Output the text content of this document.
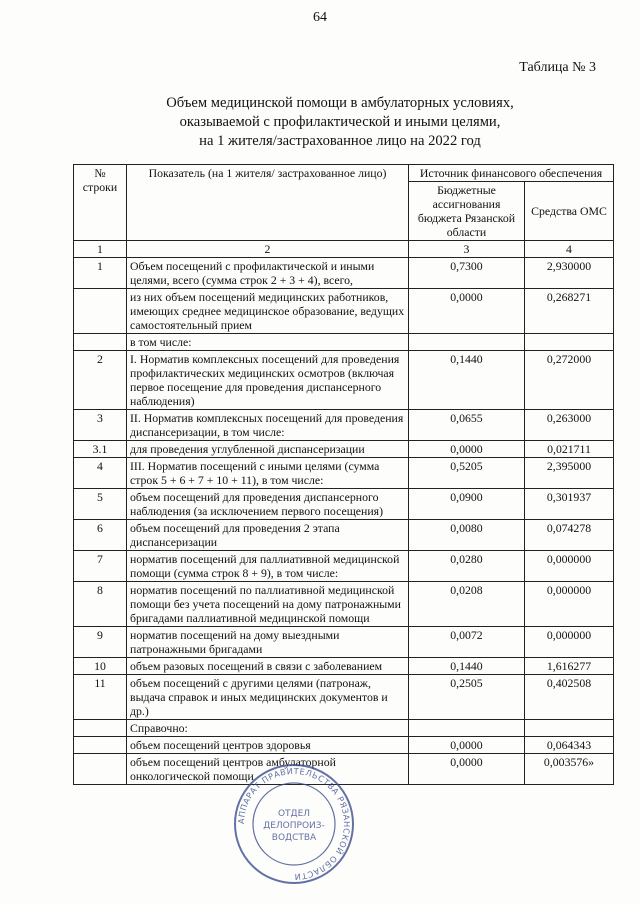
64
Таблица № 3
Объем медицинской помощи в амбулаторных условиях,
оказываемой с профилактической и иными целями,
на 1 жителя/застрахованное лицо на 2022 год
№ строки	Показатель (на 1 жителя/ застрахованное лицо)	Источник финансового обеспечения	
		Бюджетные ассигнования бюджета Рязанской области	Средства ОМС
1	2	3	4
1	Объем посещений с профилактической и иными целями, всего (сумма строк 2 + 3 + 4), всего,	0,7300	2,930000
	из них объем посещений медицинских работников, имеющих среднее медицинское образование, ведущих самостоятельный прием	0,0000	0,268271
	в том числе:		
2	I. Норматив комплексных посещений для проведения профилактических медицинских осмотров (включая первое посещение для проведения диспансерного наблюдения)	0,1440	0,272000
3	II. Норматив комплексных посещений для проведения диспансеризации, в том числе:	0,0655	0,263000
3.1	для проведения углубленной диспансеризации	0,0000	0,021711
4	III. Норматив посещений с иными целями (сумма строк 5 + 6 + 7 + 10 + 11), в том числе:	0,5205	2,395000
5	объем посещений для проведения диспансерного наблюдения (за исключением первого посещения)	0,0900	0,301937
6	объем посещений для проведения 2 этапа диспансеризации	0,0080	0,074278
7	норматив посещений для паллиативной медицинской помощи (сумма строк 8 + 9), в том числе:	0,0280	0,000000
8	норматив посещений по паллиативной медицинской помощи без учета посещений на дому патронажными бригадами паллиативной медицинской помощи	0,0208	0,000000
9	норматив посещений на дому выездными патронажными бригадами	0,0072	0,000000
10	объем разовых посещений в связи с заболеванием	0,1440	1,616277
11	объем посещений с другими целями (патронаж, выдача справок и иных медицинских документов и др.)	0,2505	0,402508
	Справочно:		
	объем посещений центров здоровья	0,0000	0,064343
	объем посещений центров амбулаторной онкологической помощи	0,0000	0,003576»
АППАРАТ ПРАВИТЕЛЬСТВА РЯЗАНСКОЙ ОБЛАСТИ
ОТДЕЛ
ДЕЛОПРОИЗ-
ВОДСТВА
